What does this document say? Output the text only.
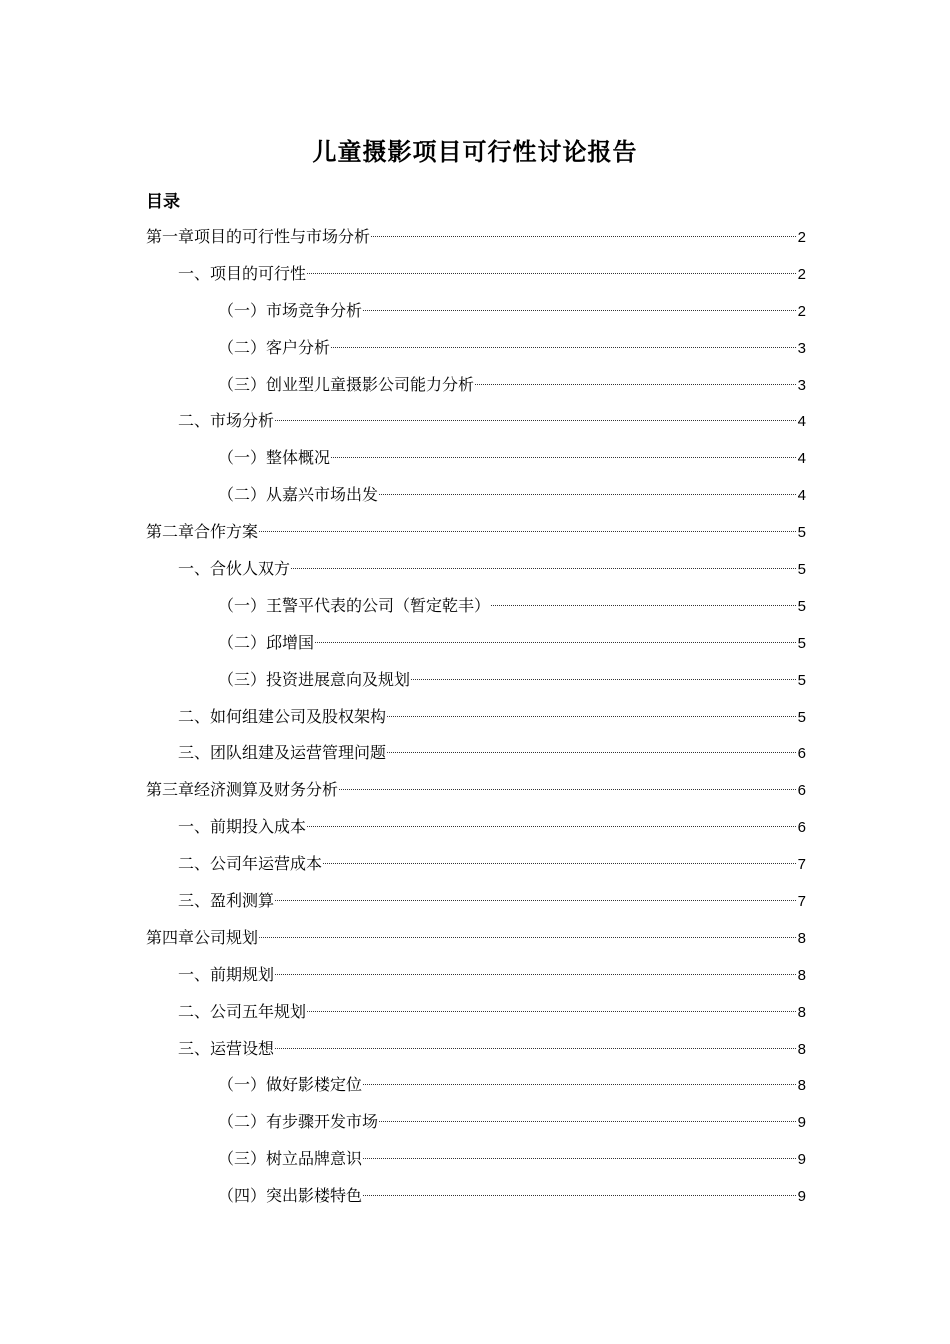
儿童摄影项目可行性讨论报告
目录
第一章项目的可行性与市场分析	2
一、项目的可行性	2
（一）市场竞争分析	2
（二）客户分析	3
（三）创业型儿童摄影公司能力分析	3
二、市场分析	4
（一）整体概况	4
（二）从嘉兴市场出发	4
第二章合作方案	5
一、合伙人双方	5
（一）王警平代表的公司（暂定乾丰）	5
（二）邱增国	5
（三）投资进展意向及规划	5
二、如何组建公司及股权架构	5
三、团队组建及运营管理问题	6
第三章经济测算及财务分析	6
一、前期投入成本	6
二、公司年运营成本	7
三、盈利测算	7
第四章公司规划	8
一、前期规划	8
二、公司五年规划	8
三、运营设想	8
（一）做好影楼定位	8
（二）有步骤开发市场	9
（三）树立品牌意识	9
（四）突出影楼特色	9
